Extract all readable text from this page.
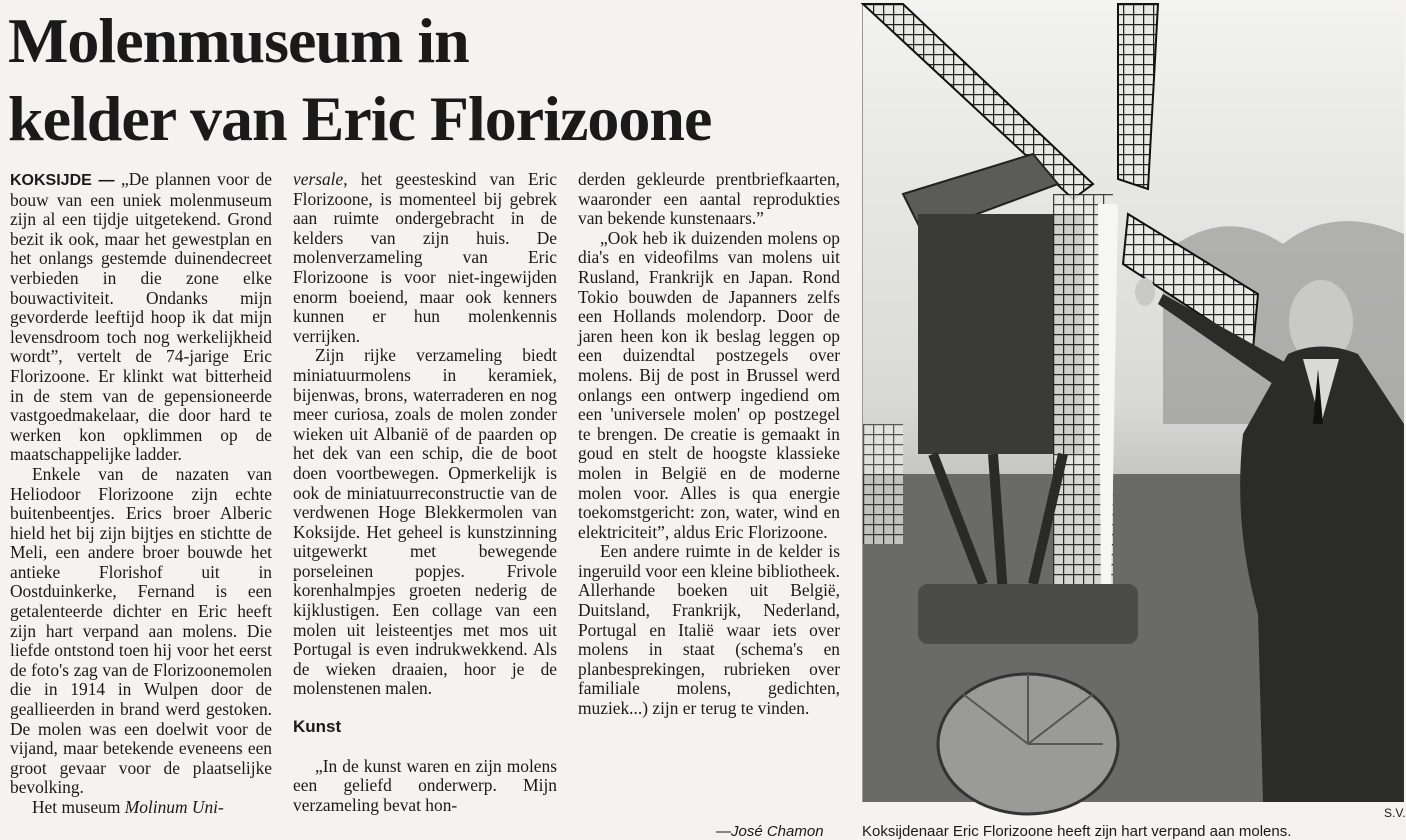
Molenmuseum in
kelder van Eric Florizoone

KOKSIJDE — „De plannen voor de bouw van een uniek molenmuseum zijn al een tijdje uitgetekend. Grond bezit ik ook, maar het gewestplan en het onlangs gestemde duinendecreet verbieden in die zone elke bouwactiviteit. Ondanks mijn gevorderde leeftijd hoop ik dat mijn levensdroom toch nog werkelijkheid wordt”, vertelt de 74-jarige Eric Florizoone. Er klinkt wat bitterheid in de stem van de gepensioneerde vastgoedmakelaar, die door hard te werken kon opklimmen op de maatschappelijke ladder.

Enkele van de nazaten van Heliodoor Florizoone zijn echte buitenbeentjes. Erics broer Alberic hield het bij zijn bijtjes en stichtte de Meli, een andere broer bouwde het antieke Florishof uit in Oostduinkerke, Fernand is een getalenteerde dichter en Eric heeft zijn hart verpand aan molens. Die liefde ontstond toen hij voor het eerst de foto's zag van de Florizoonemolen die in 1914 in Wulpen door de geallieerden in brand werd gestoken. De molen was een doelwit voor de vijand, maar betekende eveneens een groot gevaar voor de plaatselijke bevolking.

Het museum Molinum Uni-

versale, het geesteskind van Eric Florizoone, is momenteel bij gebrek aan ruimte ondergebracht in de kelders van zijn huis. De molenverzameling van Eric Florizoone is voor niet-ingewijden enorm boeiend, maar ook kenners kunnen er hun molenkennis verrijken.

Zijn rijke verzameling biedt miniatuurmolens in keramiek, bijenwas, brons, waterraderen en nog meer curiosa, zoals de molen zonder wieken uit Albanië of de paarden op het dek van een schip, die de boot doen voortbewegen. Opmerkelijk is ook de miniatuurreconstructie van de verdwenen Hoge Blekkermolen van Koksijde. Het geheel is kunstzinning uitgewerkt met bewegende porseleinen popjes. Frivole korenhalmpjes groeten nederig de kijklustigen. Een collage van een molen uit leisteentjes met mos uit Portugal is even indrukwekkend. Als de wieken draaien, hoor je de molenstenen malen.

Kunst

„In de kunst waren en zijn molens een geliefd onderwerp. Mijn verzameling bevat hon-

derden gekleurde prentbriefkaarten, waaronder een aantal reprodukties van bekende kunstenaars.”

„Ook heb ik duizenden molens op dia's en videofilms van molens uit Rusland, Frankrijk en Japan. Rond Tokio bouwden de Japanners zelfs een Hollands molendorp. Door de jaren heen kon ik beslag leggen op een duizendtal postzegels over molens. Bij de post in Brussel werd onlangs een ontwerp ingediend om een 'universele molen' op postzegel te brengen. De creatie is gemaakt in goud en stelt de hoogste klassieke molen in België en de moderne molen voor. Alles is qua energie toekomstgericht: zon, water, wind en elektriciteit”, aldus Eric Florizoone.

Een andere ruimte in de kelder is ingeruild voor een kleine bibliotheek. Allerhande boeken uit België, Duitsland, Frankrijk, Nederland, Portugal en Italië waar iets over molens in staat (schema's en planbesprekingen, rubrieken over familiale molens, gedichten, muziek...) zijn er terug te vinden.

—José Chamon
S.V.
Koksijdenaar Eric Florizoone heeft zijn hart verpand aan molens.
